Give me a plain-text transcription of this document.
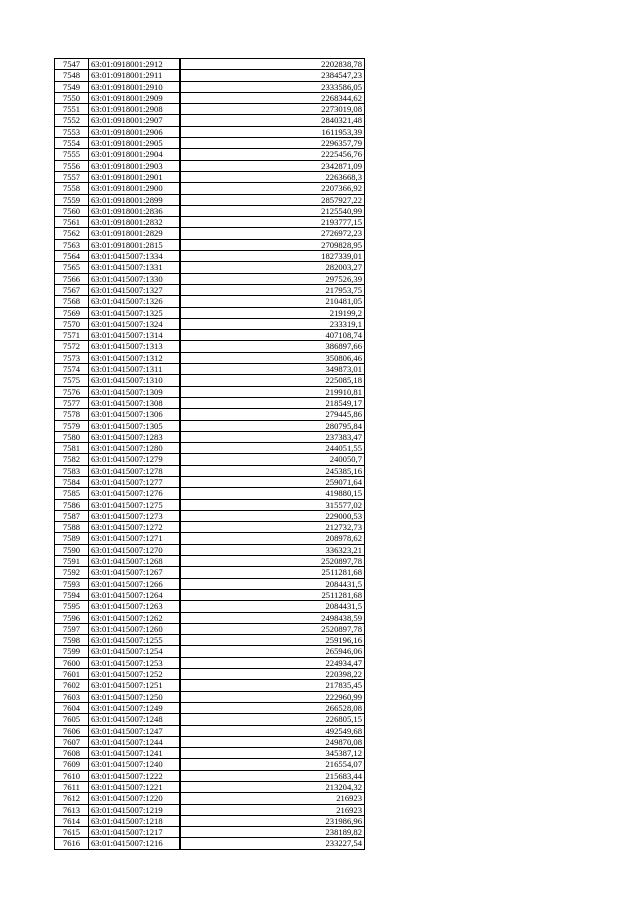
7547	63:01:0918001:2912	2202838,78
7548	63:01:0918001:2911	2384547,23
7549	63:01:0918001:2910	2333586,05
7550	63:01:0918001:2909	2268344,62
7551	63:01:0918001:2908	2273019,08
7552	63:01:0918001:2907	2840321,48
7553	63:01:0918001:2906	1611953,39
7554	63:01:0918001:2905	2296357,79
7555	63:01:0918001:2904	2225456,76
7556	63:01:0918001:2903	2342871,09
7557	63:01:0918001:2901	2263668,3
7558	63:01:0918001:2900	2207366,92
7559	63:01:0918001:2899	2857927,22
7560	63:01:0918001:2836	2125540,99
7561	63:01:0918001:2832	2193777,15
7562	63:01:0918001:2829	2726972,23
7563	63:01:0918001:2815	2709828,95
7564	63:01:0415007:1334	1827339,01
7565	63:01:0415007:1331	282003,27
7566	63:01:0415007:1330	297526,39
7567	63:01:0415007:1327	217953,75
7568	63:01:0415007:1326	210481,05
7569	63:01:0415007:1325	219199,2
7570	63:01:0415007:1324	233319,1
7571	63:01:0415007:1314	407108,74
7572	63:01:0415007:1313	386897,66
7573	63:01:0415007:1312	350806,46
7574	63:01:0415007:1311	349873,01
7575	63:01:0415007:1310	225085,18
7576	63:01:0415007:1309	219910,81
7577	63:01:0415007:1308	218549,17
7578	63:01:0415007:1306	279445,86
7579	63:01:0415007:1305	280795,84
7580	63:01:0415007:1283	237383,47
7581	63:01:0415007:1280	244051,55
7582	63:01:0415007:1279	240050,7
7583	63:01:0415007:1278	245385,16
7584	63:01:0415007:1277	259071,64
7585	63:01:0415007:1276	419880,15
7586	63:01:0415007:1275	315577,02
7587	63:01:0415007:1273	229000,53
7588	63:01:0415007:1272	212732,73
7589	63:01:0415007:1271	208978,62
7590	63:01:0415007:1270	336323,21
7591	63:01:0415007:1268	2520897,78
7592	63:01:0415007:1267	2511281,68
7593	63:01:0415007:1266	2084431,5
7594	63:01:0415007:1264	2511281,68
7595	63:01:0415007:1263	2084431,5
7596	63:01:0415007:1262	2498438,59
7597	63:01:0415007:1260	2520897,78
7598	63:01:0415007:1255	259196,16
7599	63:01:0415007:1254	265946,06
7600	63:01:0415007:1253	224934,47
7601	63:01:0415007:1252	220398,22
7602	63:01:0415007:1251	217835,45
7603	63:01:0415007:1250	222960,99
7604	63:01:0415007:1249	266528,08
7605	63:01:0415007:1248	226805,15
7606	63:01:0415007:1247	492549,68
7607	63:01:0415007:1244	249870,08
7608	63:01:0415007:1241	345387,12
7609	63:01:0415007:1240	216554,07
7610	63:01:0415007:1222	215683,44
7611	63:01:0415007:1221	213204,32
7612	63:01:0415007:1220	216923
7613	63:01:0415007:1219	216923
7614	63:01:0415007:1218	231986,96
7615	63:01:0415007:1217	238189,82
7616	63:01:0415007:1216	233227,54
